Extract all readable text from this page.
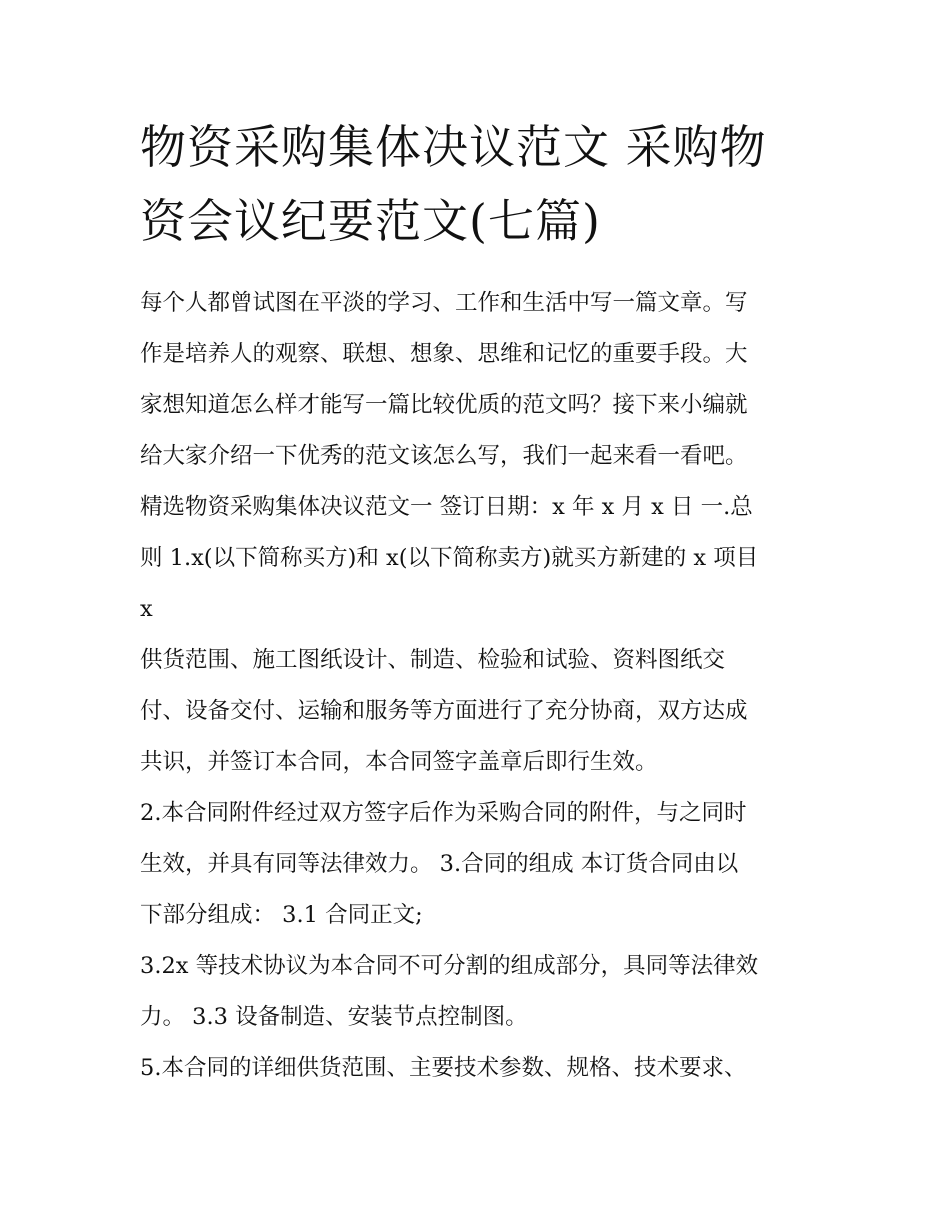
物资采购集体决议范文 采购物
资会议纪要范文(七篇)

每个人都曾试图在平淡的学习、工作和生活中写一篇文章。写
作是培养人的观察、联想、想象、思维和记忆的重要手段。大
家想知道怎么样才能写一篇比较优质的范文吗？接下来小编就
给大家介绍一下优秀的范文该怎么写，我们一起来看一看吧。
精选物资采购集体决议范文一 签订日期：x 年 x 月 x 日 一.总
则 1.x(以下简称买方)和 x(以下简称卖方)就买方新建的 x 项目
x

供货范围、施工图纸设计、制造、检验和试验、资料图纸交
付、设备交付、运输和服务等方面进行了充分协商，双方达成
共识，并签订本合同，本合同签字盖章后即行生效。

2.本合同附件经过双方签字后作为采购合同的附件，与之同时
生效，并具有同等法律效力。 3.合同的组成 本订货合同由以
下部分组成： 3.1 合同正文;

3.2x 等技术协议为本合同不可分割的组成部分，具同等法律效
力。 3.3 设备制造、安装节点控制图。

5.本合同的详细供货范围、主要技术参数、规格、技术要求、
